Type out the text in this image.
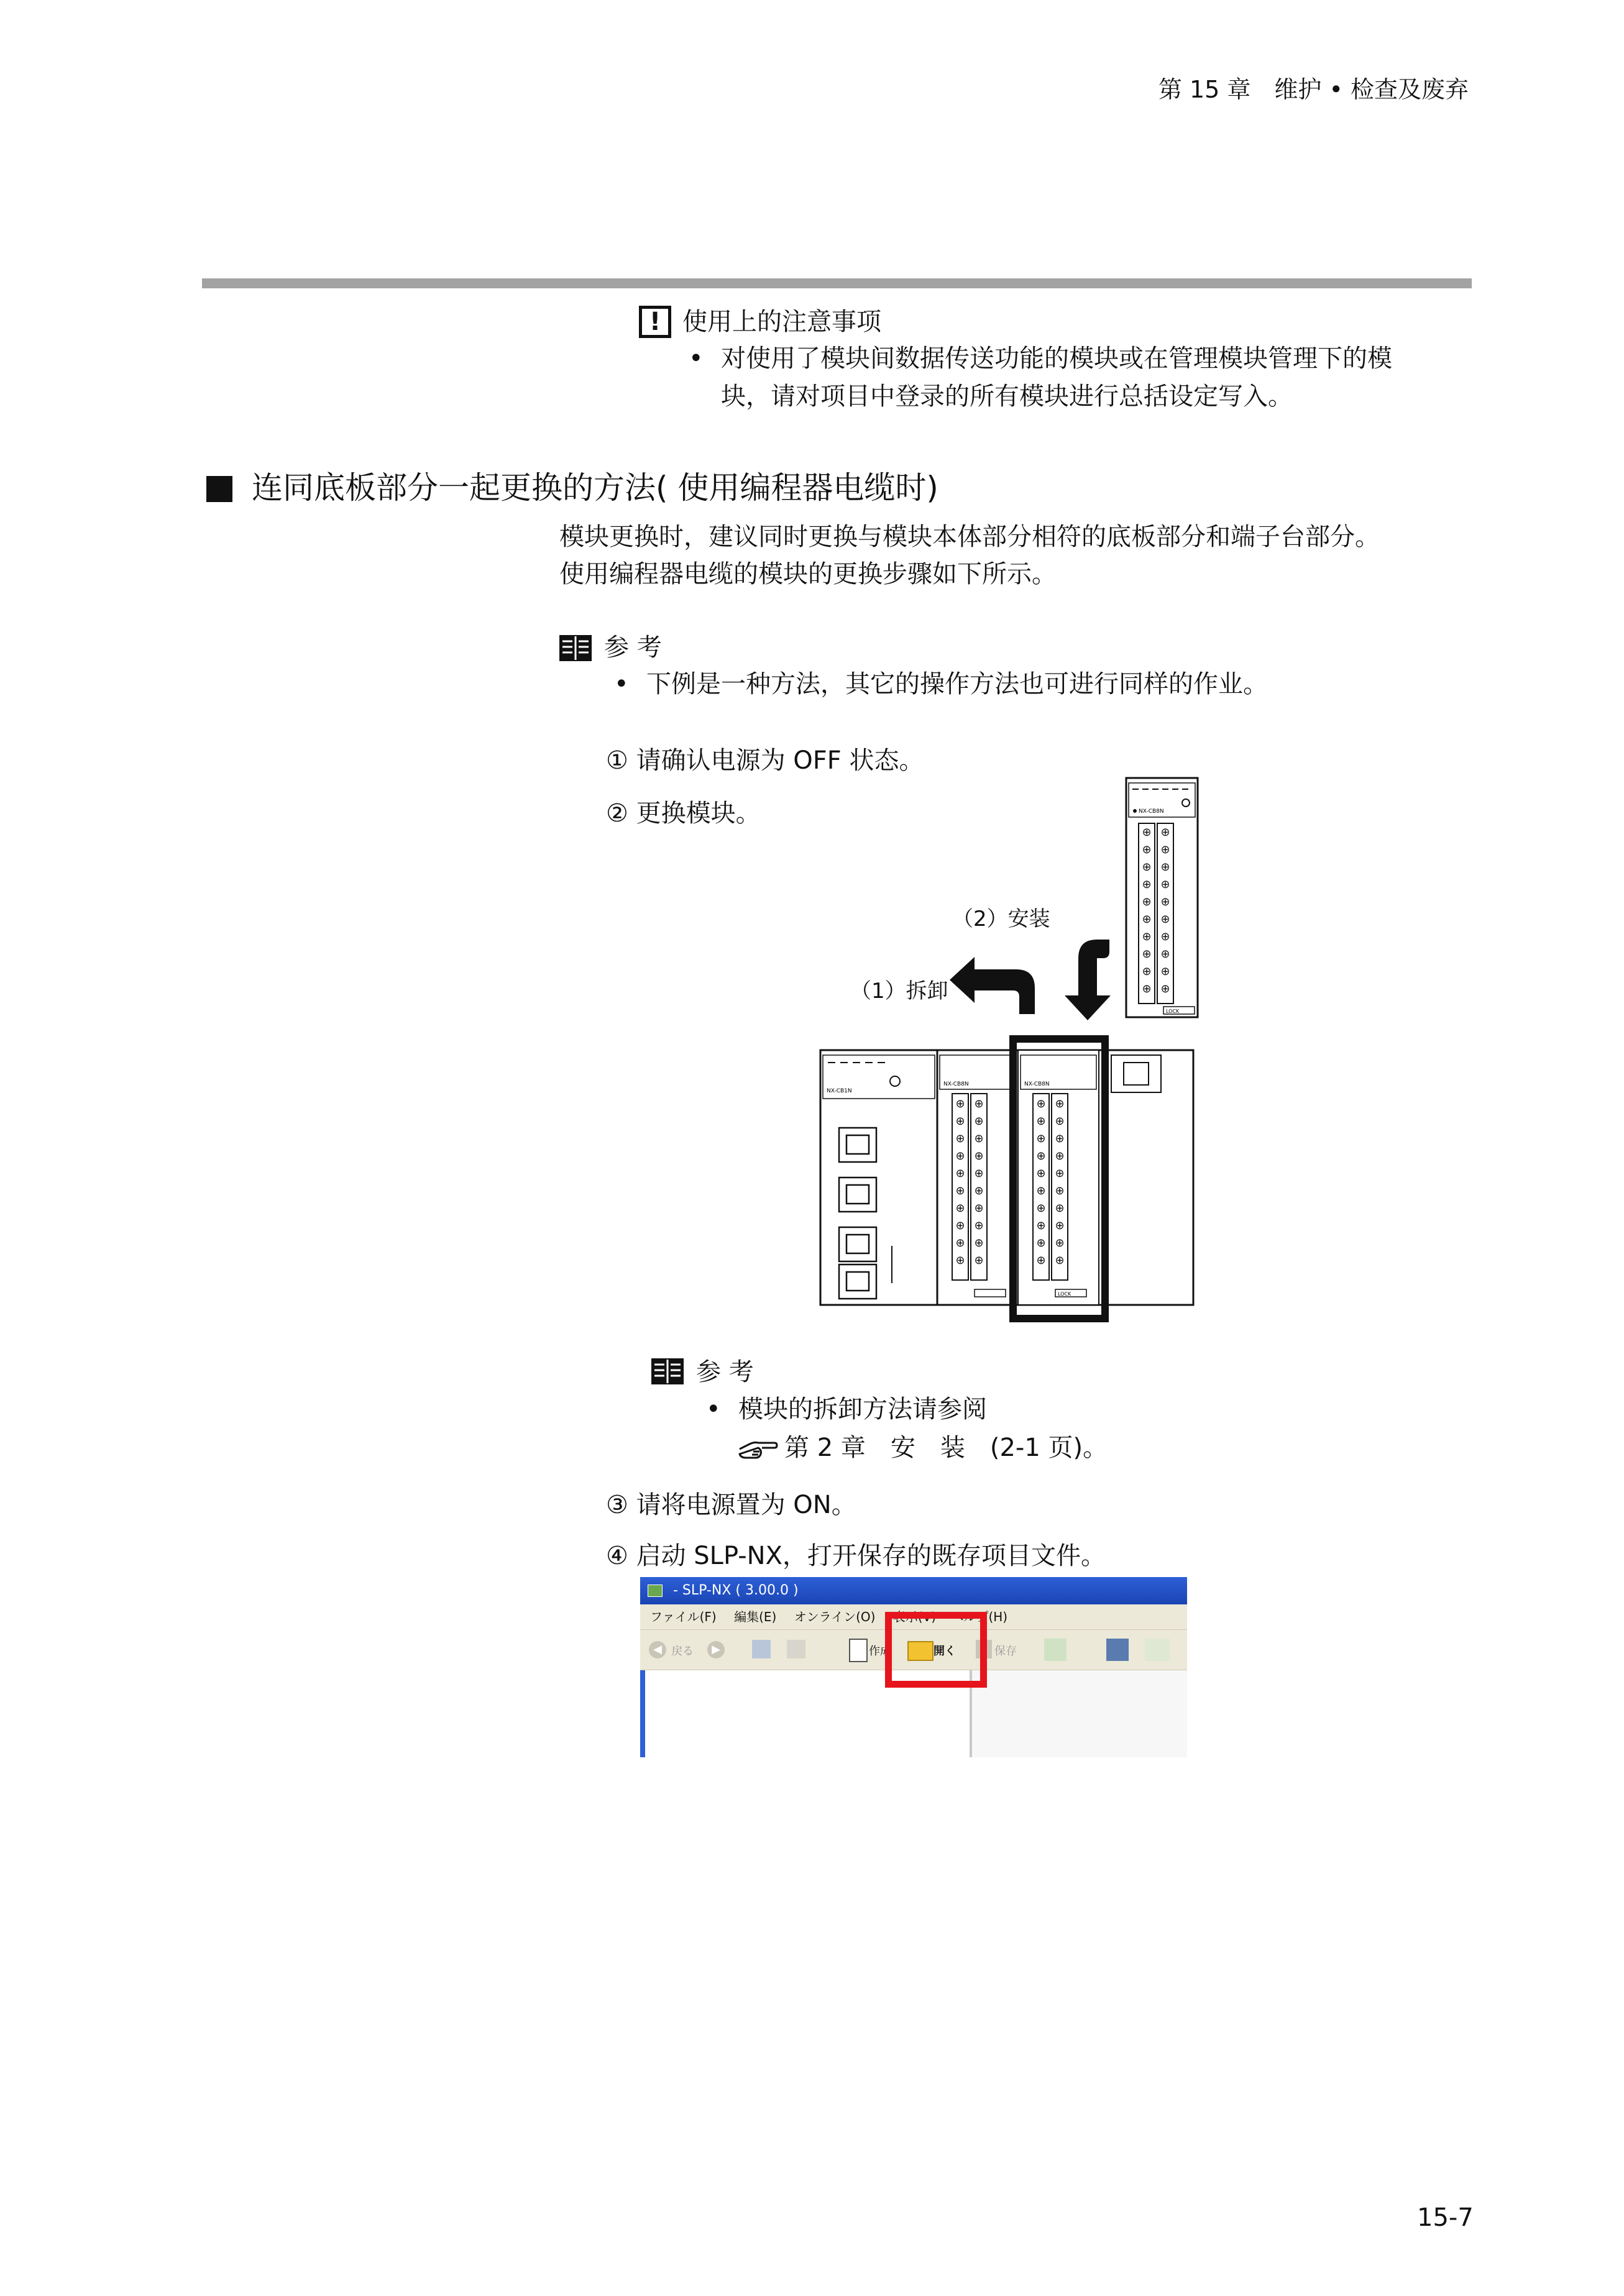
第 15 章　维护 • 检查及废弃
! 使用上的注意事项
• 对使用了模块间数据传送功能的模块或在管理模块管理下的模
块，请对项目中登录的所有模块进行总括设定写入。
连同底板部分一起更换的方法( 使用编程器电缆时)
模块更换时，建议同时更换与模块本体部分相符的底板部分和端子台部分。
使用编程器电缆的模块的更换步骤如下所示。
参 考
• 下例是一种方法，其它的操作方法也可进行同样的作业。
① 请确认电源为 OFF 状态。
② 更换模块。	NX-CB8N
⊕ ⊕
⊕ ⊕
⊕ ⊕
⊕ ⊕
⊕ ⊕
⊕ ⊕
⊕ ⊕
⊕ ⊕
⊕ ⊕
⊕ ⊕
LOCK
（2）安装
（1）拆卸
NX-CB1N
NX-CB8N
⊕ ⊕
⊕ ⊕
⊕ ⊕
⊕ ⊕
⊕ ⊕
⊕ ⊕
⊕ ⊕
⊕ ⊕
⊕ ⊕
⊕ ⊕
NX-CB8N
⊕ ⊕
⊕ ⊕
⊕ ⊕
⊕ ⊕
⊕ ⊕
⊕ ⊕
⊕ ⊕
⊕ ⊕
⊕ ⊕
⊕ ⊕
LOCK
参 考
• 模块的拆卸方法请参阅
第 2 章　安　装　(2-1 页)。
③ 请将电源置为 ON。
④ 启动 SLP-NX，打开保存的既存项目文件。
- SLP-NX ( 3.00.0 )
ファイル(F) 編集(E) オンライン(O) 表示(V) ヘルプ(H)
◀ 戻る	▶	作成	開く	保存
15-7
